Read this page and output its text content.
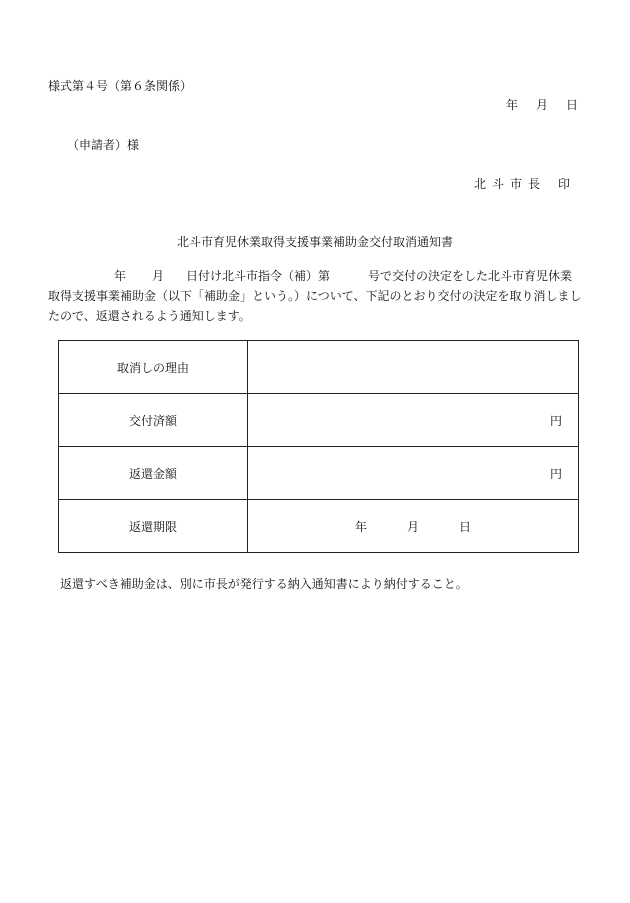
様式第４号（第６条関係）
年 月 日
（申請者）様
北斗市長 印
北斗市育児休業取得支援事業補助金交付取消通知書
年 月 日付け北斗市指令（補）第	号で交付の決定をした北斗市育児休業取得支援事業補助金（以下「補助金」という。）について、下記のとおり交付の決定を取り消しましたので、返還されるよう通知します。
取消しの理由	
交付済額	円
返還金額	円
返還期限	年 月 日
返還すべき補助金は、別に市長が発行する納入通知書により納付すること。
